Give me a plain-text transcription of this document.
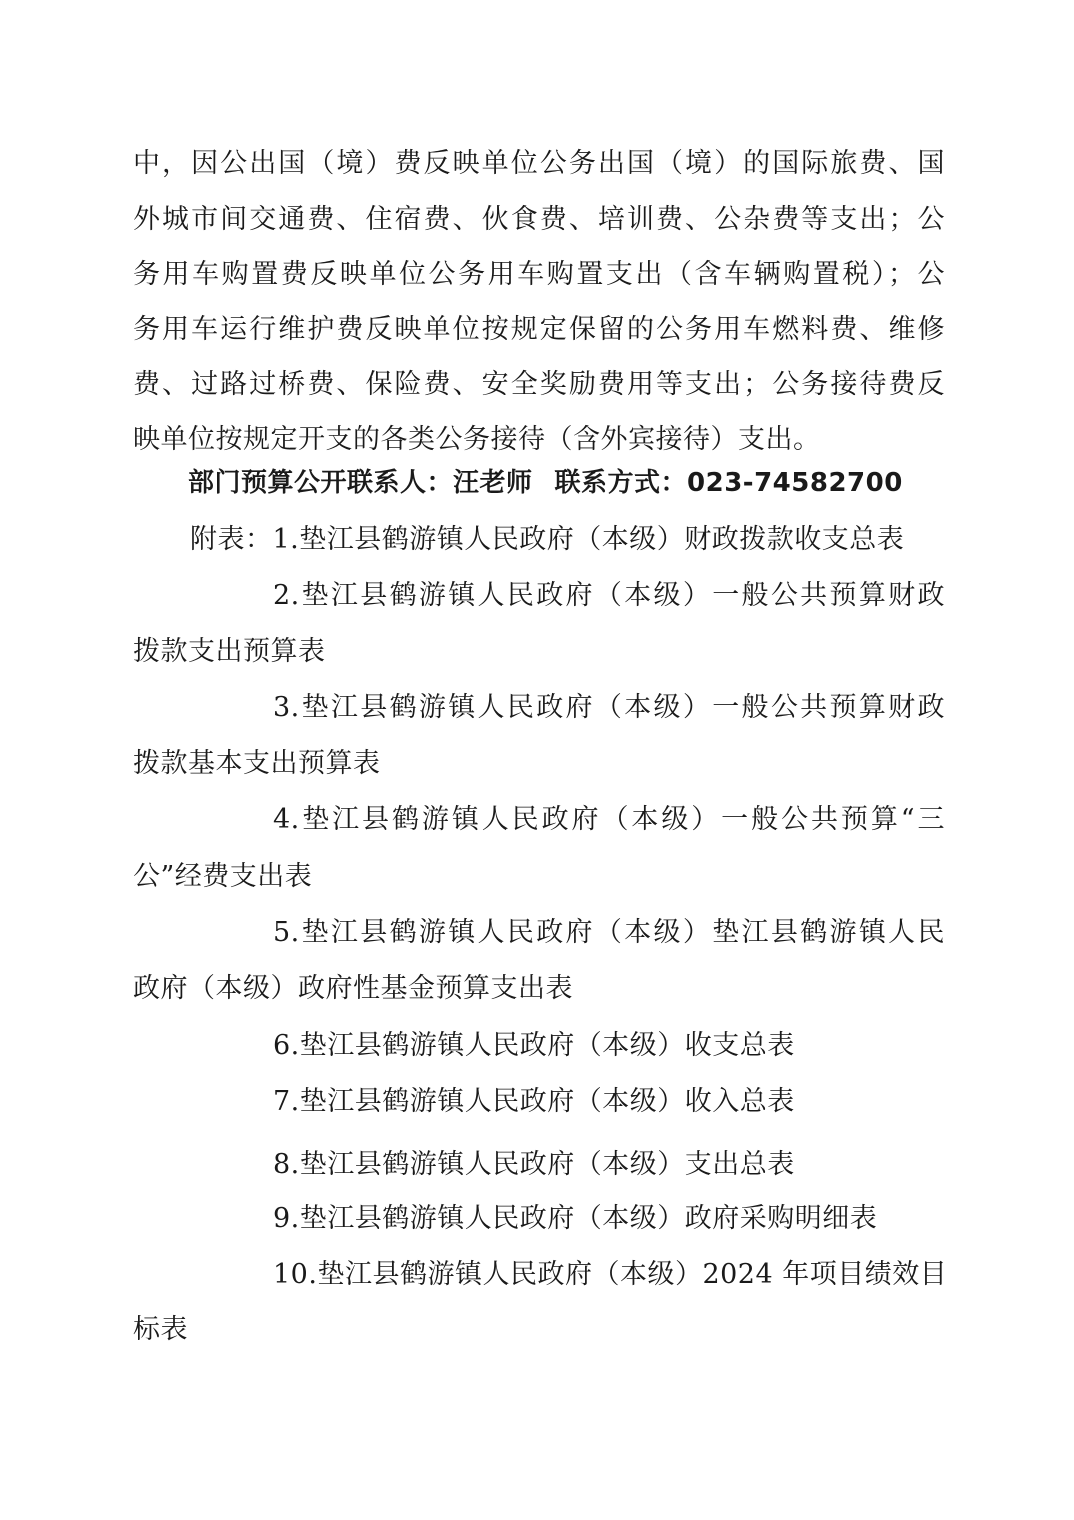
中，因公出国（境）费反映单位公务出国（境）的国际旅费、国
外城市间交通费、住宿费、伙食费、培训费、公杂费等支出；公
务用车购置费反映单位公务用车购置支出（含车辆购置税）；公
务用车运行维护费反映单位按规定保留的公务用车燃料费、维修
费、过路过桥费、保险费、安全奖励费用等支出；公务接待费反
映单位按规定开支的各类公务接待（含外宾接待）支出。
部门预算公开联系人：汪老师 联系方式：023-74582700
附表：1.垫江县鹤游镇人民政府（本级）财政拨款收支总表
2.垫江县鹤游镇人民政府（本级）一般公共预算财政
拨款支出预算表
3.垫江县鹤游镇人民政府（本级）一般公共预算财政
拨款基本支出预算表
4.垫江县鹤游镇人民政府（本级）一般公共预算“三
公”经费支出表
5.垫江县鹤游镇人民政府（本级）垫江县鹤游镇人民
政府（本级）政府性基金预算支出表
6.垫江县鹤游镇人民政府（本级）收支总表
7.垫江县鹤游镇人民政府（本级）收入总表
8.垫江县鹤游镇人民政府（本级）支出总表
9.垫江县鹤游镇人民政府（本级）政府采购明细表
10.垫江县鹤游镇人民政府（本级）2024 年项目绩效目
标表
